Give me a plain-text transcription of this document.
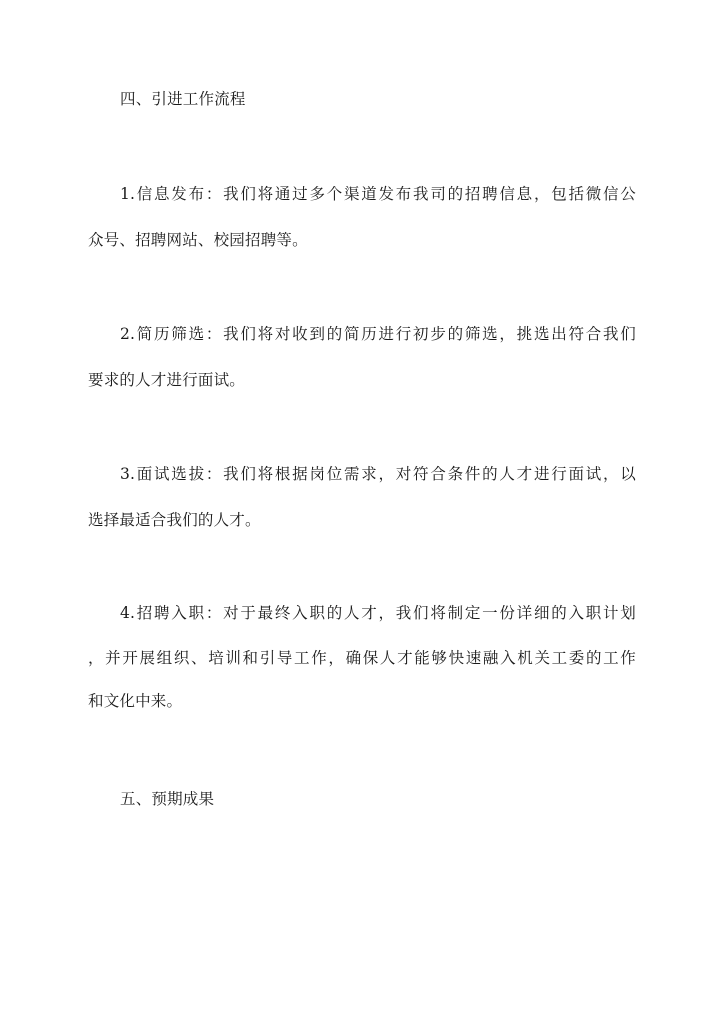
四、引进工作流程
1.信息发布：我们将通过多个渠道发布我司的招聘信息，包括微信公
众号、招聘网站、校园招聘等。
2.简历筛选：我们将对收到的简历进行初步的筛选，挑选出符合我们
要求的人才进行面试。
3.面试选拔：我们将根据岗位需求，对符合条件的人才进行面试，以
选择最适合我们的人才。
4.招聘入职：对于最终入职的人才，我们将制定一份详细的入职计划
，并开展组织、培训和引导工作，确保人才能够快速融入机关工委的工作
和文化中来。
五、预期成果
